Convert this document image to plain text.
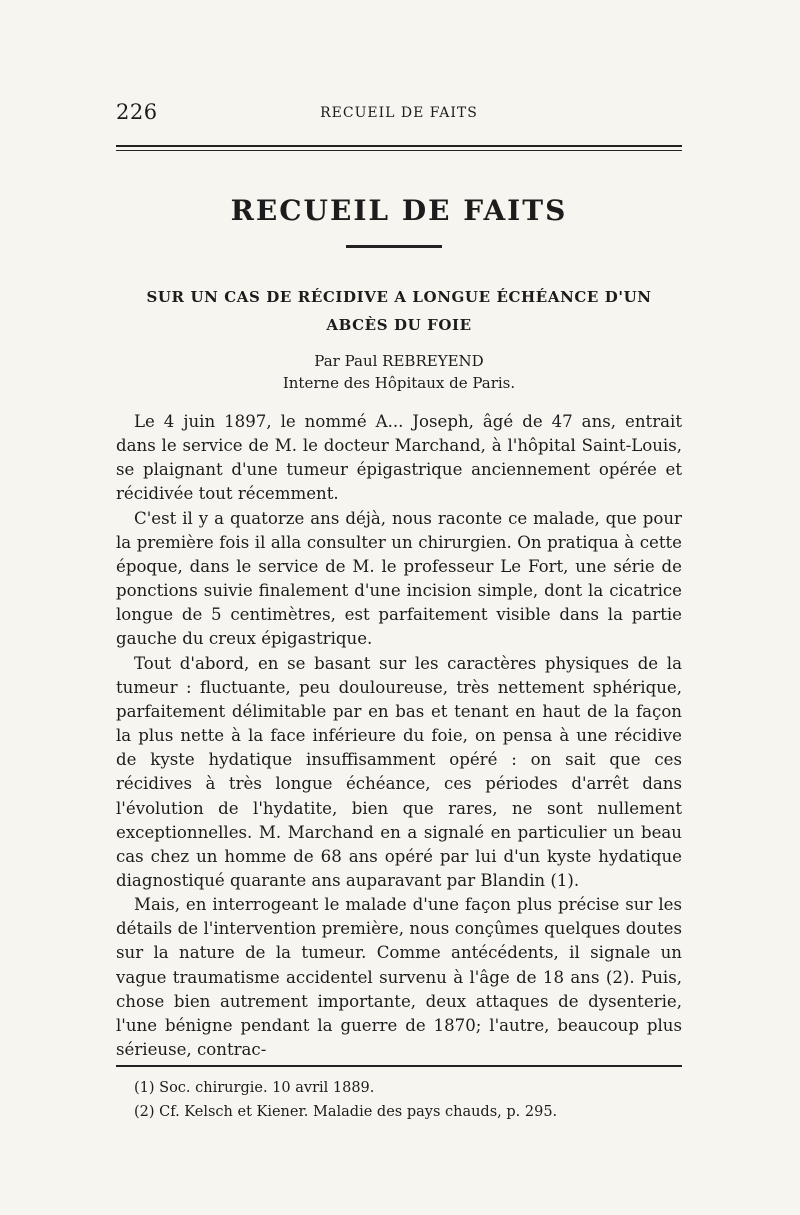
226	RECUEIL DE FAITS
RECUEIL DE FAITS
SUR UN CAS DE RÉCIDIVE A LONGUE ÉCHÉANCE D'UN ABCÈS DU FOIE
Par Paul REBREYEND
Interne des Hôpitaux de Paris.

Le 4 juin 1897, le nommé A... Joseph, âgé de 47 ans, entrait dans le service de M. le docteur Marchand, à l'hôpital Saint-Louis, se plaignant d'une tumeur épigastrique anciennement opérée et récidivée tout récemment.

C'est il y a quatorze ans déjà, nous raconte ce malade, que pour la première fois il alla consulter un chirurgien. On pratiqua à cette époque, dans le service de M. le professeur Le Fort, une série de ponctions suivie finalement d'une incision simple, dont la cicatrice longue de 5 centimètres, est parfaitement visible dans la partie gauche du creux épigastrique.

Tout d'abord, en se basant sur les caractères physiques de la tumeur : fluctuante, peu douloureuse, très nettement sphérique, parfaitement délimitable par en bas et tenant en haut de la façon la plus nette à la face inférieure du foie, on pensa à une récidive de kyste hydatique insuffisamment opéré : on sait que ces récidives à très longue échéance, ces périodes d'arrêt dans l'évolution de l'hydatite, bien que rares, ne sont nullement exceptionnelles. M. Marchand en a signalé en particulier un beau cas chez un homme de 68 ans opéré par lui d'un kyste hydatique diagnostiqué quarante ans auparavant par Blandin (1).

Mais, en interrogeant le malade d'une façon plus précise sur les détails de l'intervention première, nous conçûmes quelques doutes sur la nature de la tumeur. Comme antécédents, il signale un vague traumatisme accidentel survenu à l'âge de 18 ans (2). Puis, chose bien autrement importante, deux attaques de dysenterie, l'une bénigne pendant la guerre de 1870; l'autre, beaucoup plus sérieuse, contrac-

(1) Soc. chirurgie. 10 avril 1889.
(2) Cf. Kelsch et Kiener. Maladie des pays chauds, p. 295.
